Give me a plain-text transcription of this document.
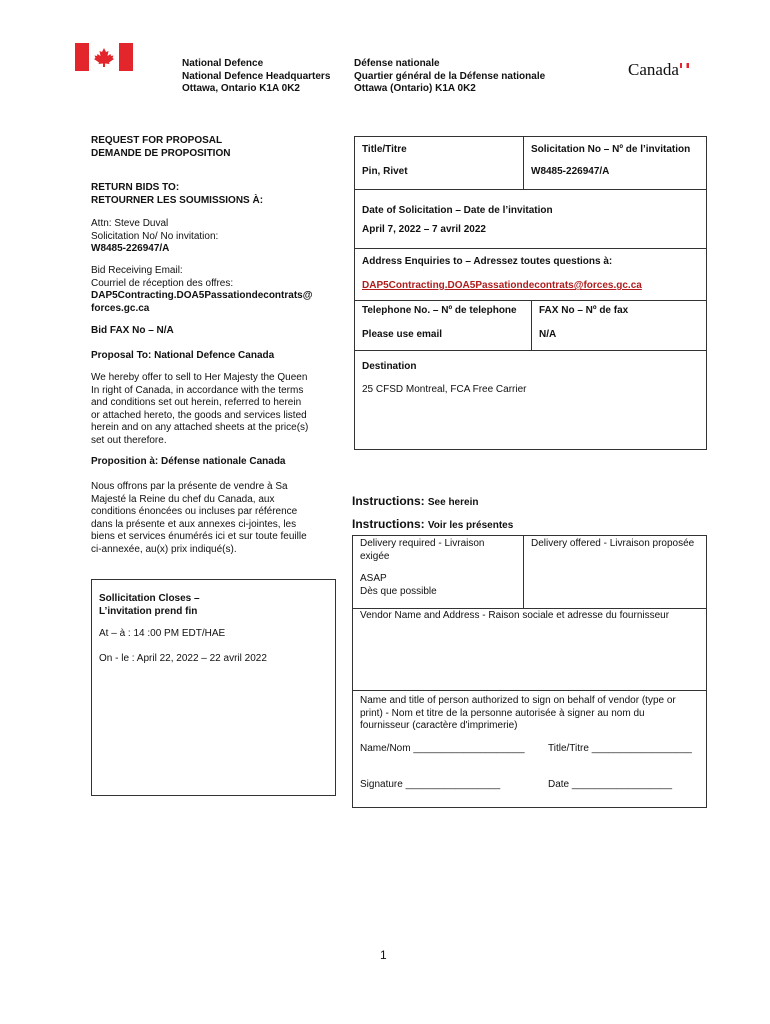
National Defence
National Defence Headquarters
Ottawa, Ontario K1A 0K2
Défense nationale
Quartier général de la Défense nationale
Ottawa (Ontario) K1A 0K2
Canada
REQUEST FOR PROPOSAL
DEMANDE DE PROPOSITION
RETURN BIDS TO:
RETOURNER LES SOUMISSIONS À:
Attn: Steve Duval
Solicitation No/ No invitation:
W8485-226947/A
Bid Receiving Email:
Courriel de réception des offres:
DAP5Contracting.DOA5Passationdecontrats@
forces.gc.ca
Bid FAX No – N/A
Proposal To: National Defence Canada
We hereby offer to sell to Her Majesty the Queen
In right of Canada, in accordance with the terms
and conditions set out herein, referred to herein
or attached hereto, the goods and services listed
herein and on any attached sheets at the price(s)
set out therefore.
Proposition à: Défense nationale Canada
Nous offrons par la présente de vendre à Sa
Majesté la Reine du chef du Canada, aux
conditions énoncées ou incluses par référence
dans la présente et aux annexes ci-jointes, les
biens et services énumérés ici et sur toute feuille
ci-annexée, au(x) prix indiqué(s).
Sollicitation Closes –
L’invitation prend fin
At – à : 14 :00 PM EDT/HAE
On - le : April 22, 2022 – 22 avril 2022
Title/Titre
Pin, Rivet
Solicitation No – Nº de l’invitation
W8485-226947/A
Date of Solicitation – Date de l’invitation
April 7, 2022 – 7 avril 2022
Address Enquiries to – Adressez toutes questions à:
DAP5Contracting.DOA5Passationdecontrats@forces.gc.ca
Telephone No. – Nº de telephone
Please use email
FAX No – Nº de fax
N/A
Destination
25 CFSD Montreal, FCA Free Carrier
Instructions: See herein
Instructions: Voir les présentes
Delivery required - Livraison
exigée
Delivery offered - Livraison proposée
ASAP
Dès que possible
Vendor Name and Address - Raison sociale et adresse du fournisseur
Name and title of person authorized to sign on behalf of vendor (type or
print) - Nom et titre de la personne autorisée à signer au nom du
fournisseur (caractère d'imprimerie)
Name/Nom ____________________ Title/Titre __________________
Signature _________________	Date __________________
1
